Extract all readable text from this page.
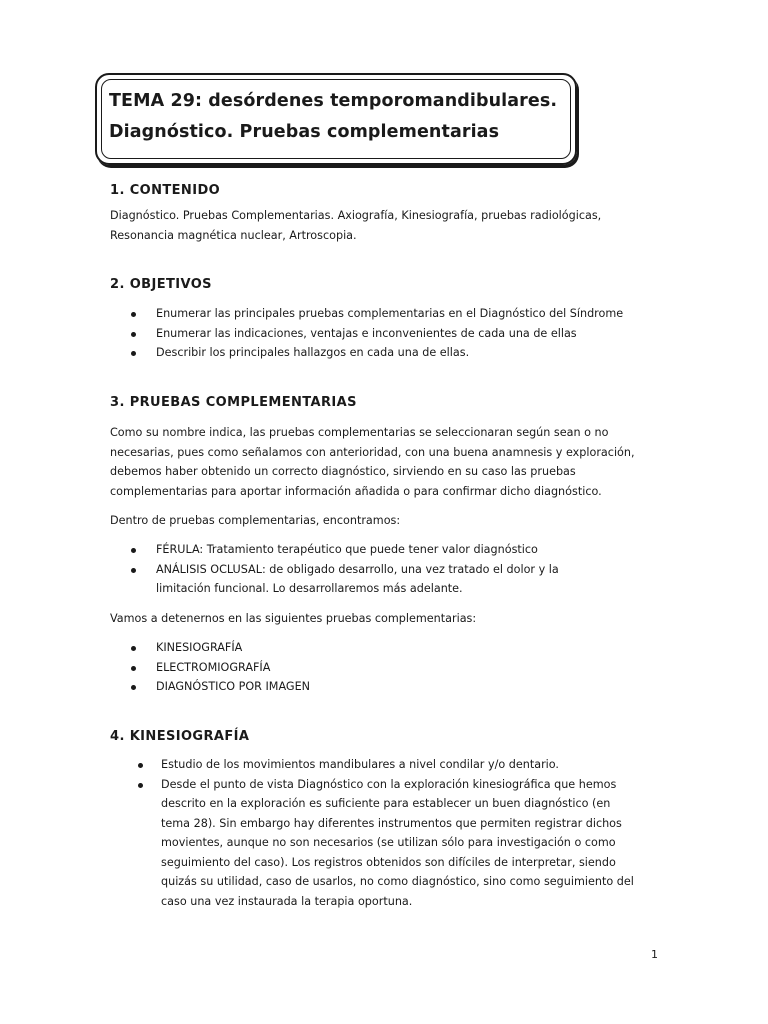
TEMA 29: desórdenes temporomandibulares.
Diagnóstico. Pruebas complementarias
1. CONTENIDO
Diagnóstico. Pruebas Complementarias. Axiografía, Kinesiografía, pruebas radiológicas,
Resonancia magnética nuclear, Artroscopia.
2. OBJETIVOS
Enumerar las principales pruebas complementarias en el Diagnóstico del Síndrome
Enumerar las indicaciones, ventajas e inconvenientes de cada una de ellas
Describir los principales hallazgos en cada una de ellas.
3. PRUEBAS COMPLEMENTARIAS
Como su nombre indica, las pruebas complementarias se seleccionaran según sean o no
necesarias, pues como señalamos con anterioridad, con una buena anamnesis y exploración,
debemos haber obtenido un correcto diagnóstico, sirviendo en su caso las pruebas
complementarias para aportar información añadida o para confirmar dicho diagnóstico.
Dentro de pruebas complementarias, encontramos:
FÉRULA: Tratamiento terapéutico que puede tener valor diagnóstico
ANÁLISIS OCLUSAL: de obligado desarrollo, una vez tratado el dolor y la
limitación funcional. Lo desarrollaremos más adelante.
Vamos a detenernos en las siguientes pruebas complementarias:
KINESIOGRAFÍA
ELECTROMIOGRAFÍA
DIAGNÓSTICO POR IMAGEN
4. KINESIOGRAFÍA
Estudio de los movimientos mandibulares a nivel condilar y/o dentario.
Desde el punto de vista Diagnóstico con la exploración kinesiográfica que hemos
descrito en la exploración es suficiente para establecer un buen diagnóstico (en
tema 28). Sin embargo hay diferentes instrumentos que permiten registrar dichos
movientes, aunque no son necesarios (se utilizan sólo para investigación o como
seguimiento del caso). Los registros obtenidos son difíciles de interpretar, siendo
quizás su utilidad, caso de usarlos, no como diagnóstico, sino como seguimiento del
caso una vez instaurada la terapia oportuna.
1
